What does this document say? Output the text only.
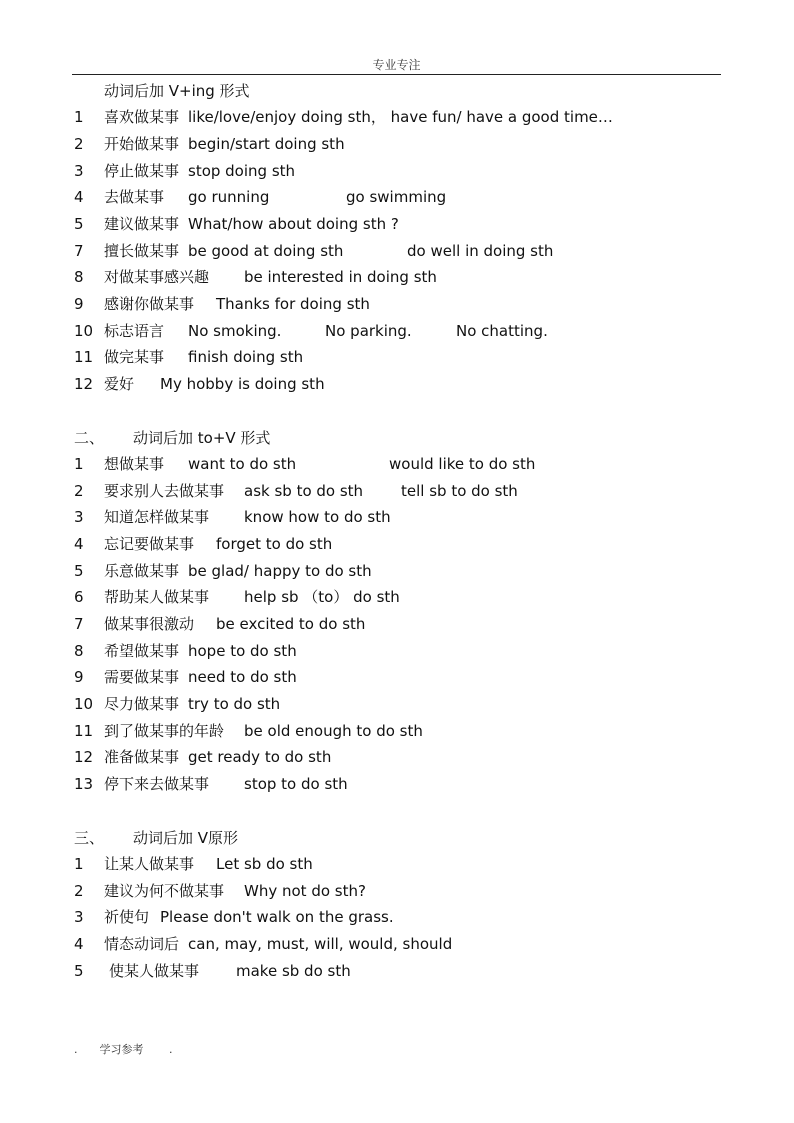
专业专注
动词后加 V+ing 形式
1 喜欢做某事 like/love/enjoy doing sth， have fun/ have a good time…
2 开始做某事 begin/start doing sth
3 停止做某事 stop doing sth
4 去做某事 go running	go swimming
5 建议做某事 What/how about doing sth ?
7 擅长做某事 be good at doing sth	do well in doing sth
8 对做某事感兴趣 be interested in doing sth
9 感谢你做某事 Thanks for doing sth
10 标志语言 No smoking.	No parking.	No chatting.
11 做完某事 finish doing sth
12 爱好 My hobby is doing sth
二、 动词后加 to+V 形式
1 想做某事 want to do sth	would like to do sth
2 要求别人去做某事 ask sb to do sth	tell sb to do sth
3 知道怎样做某事 know how to do sth
4 忘记要做某事 forget to do sth
5 乐意做某事 be glad/ happy to do sth
6 帮助某人做某事 help sb （to） do sth
7 做某事很激动 be excited to do sth
8 希望做某事 hope to do sth
9 需要做某事 need to do sth
10 尽力做某事 try to do sth
11 到了做某事的年龄 be old enough to do sth
12 准备做某事 get ready to do sth
13 停下来去做某事 stop to do sth
三、 动词后加 V原形
1 让某人做某事 Let sb do sth
2 建议为何不做某事 Why not do sth?
3 祈使句 Please don't walk on the grass.
4 情态动词后 can, may, must, will, would, should
5 使某人做某事 make sb do sth
. 学习参考 .
